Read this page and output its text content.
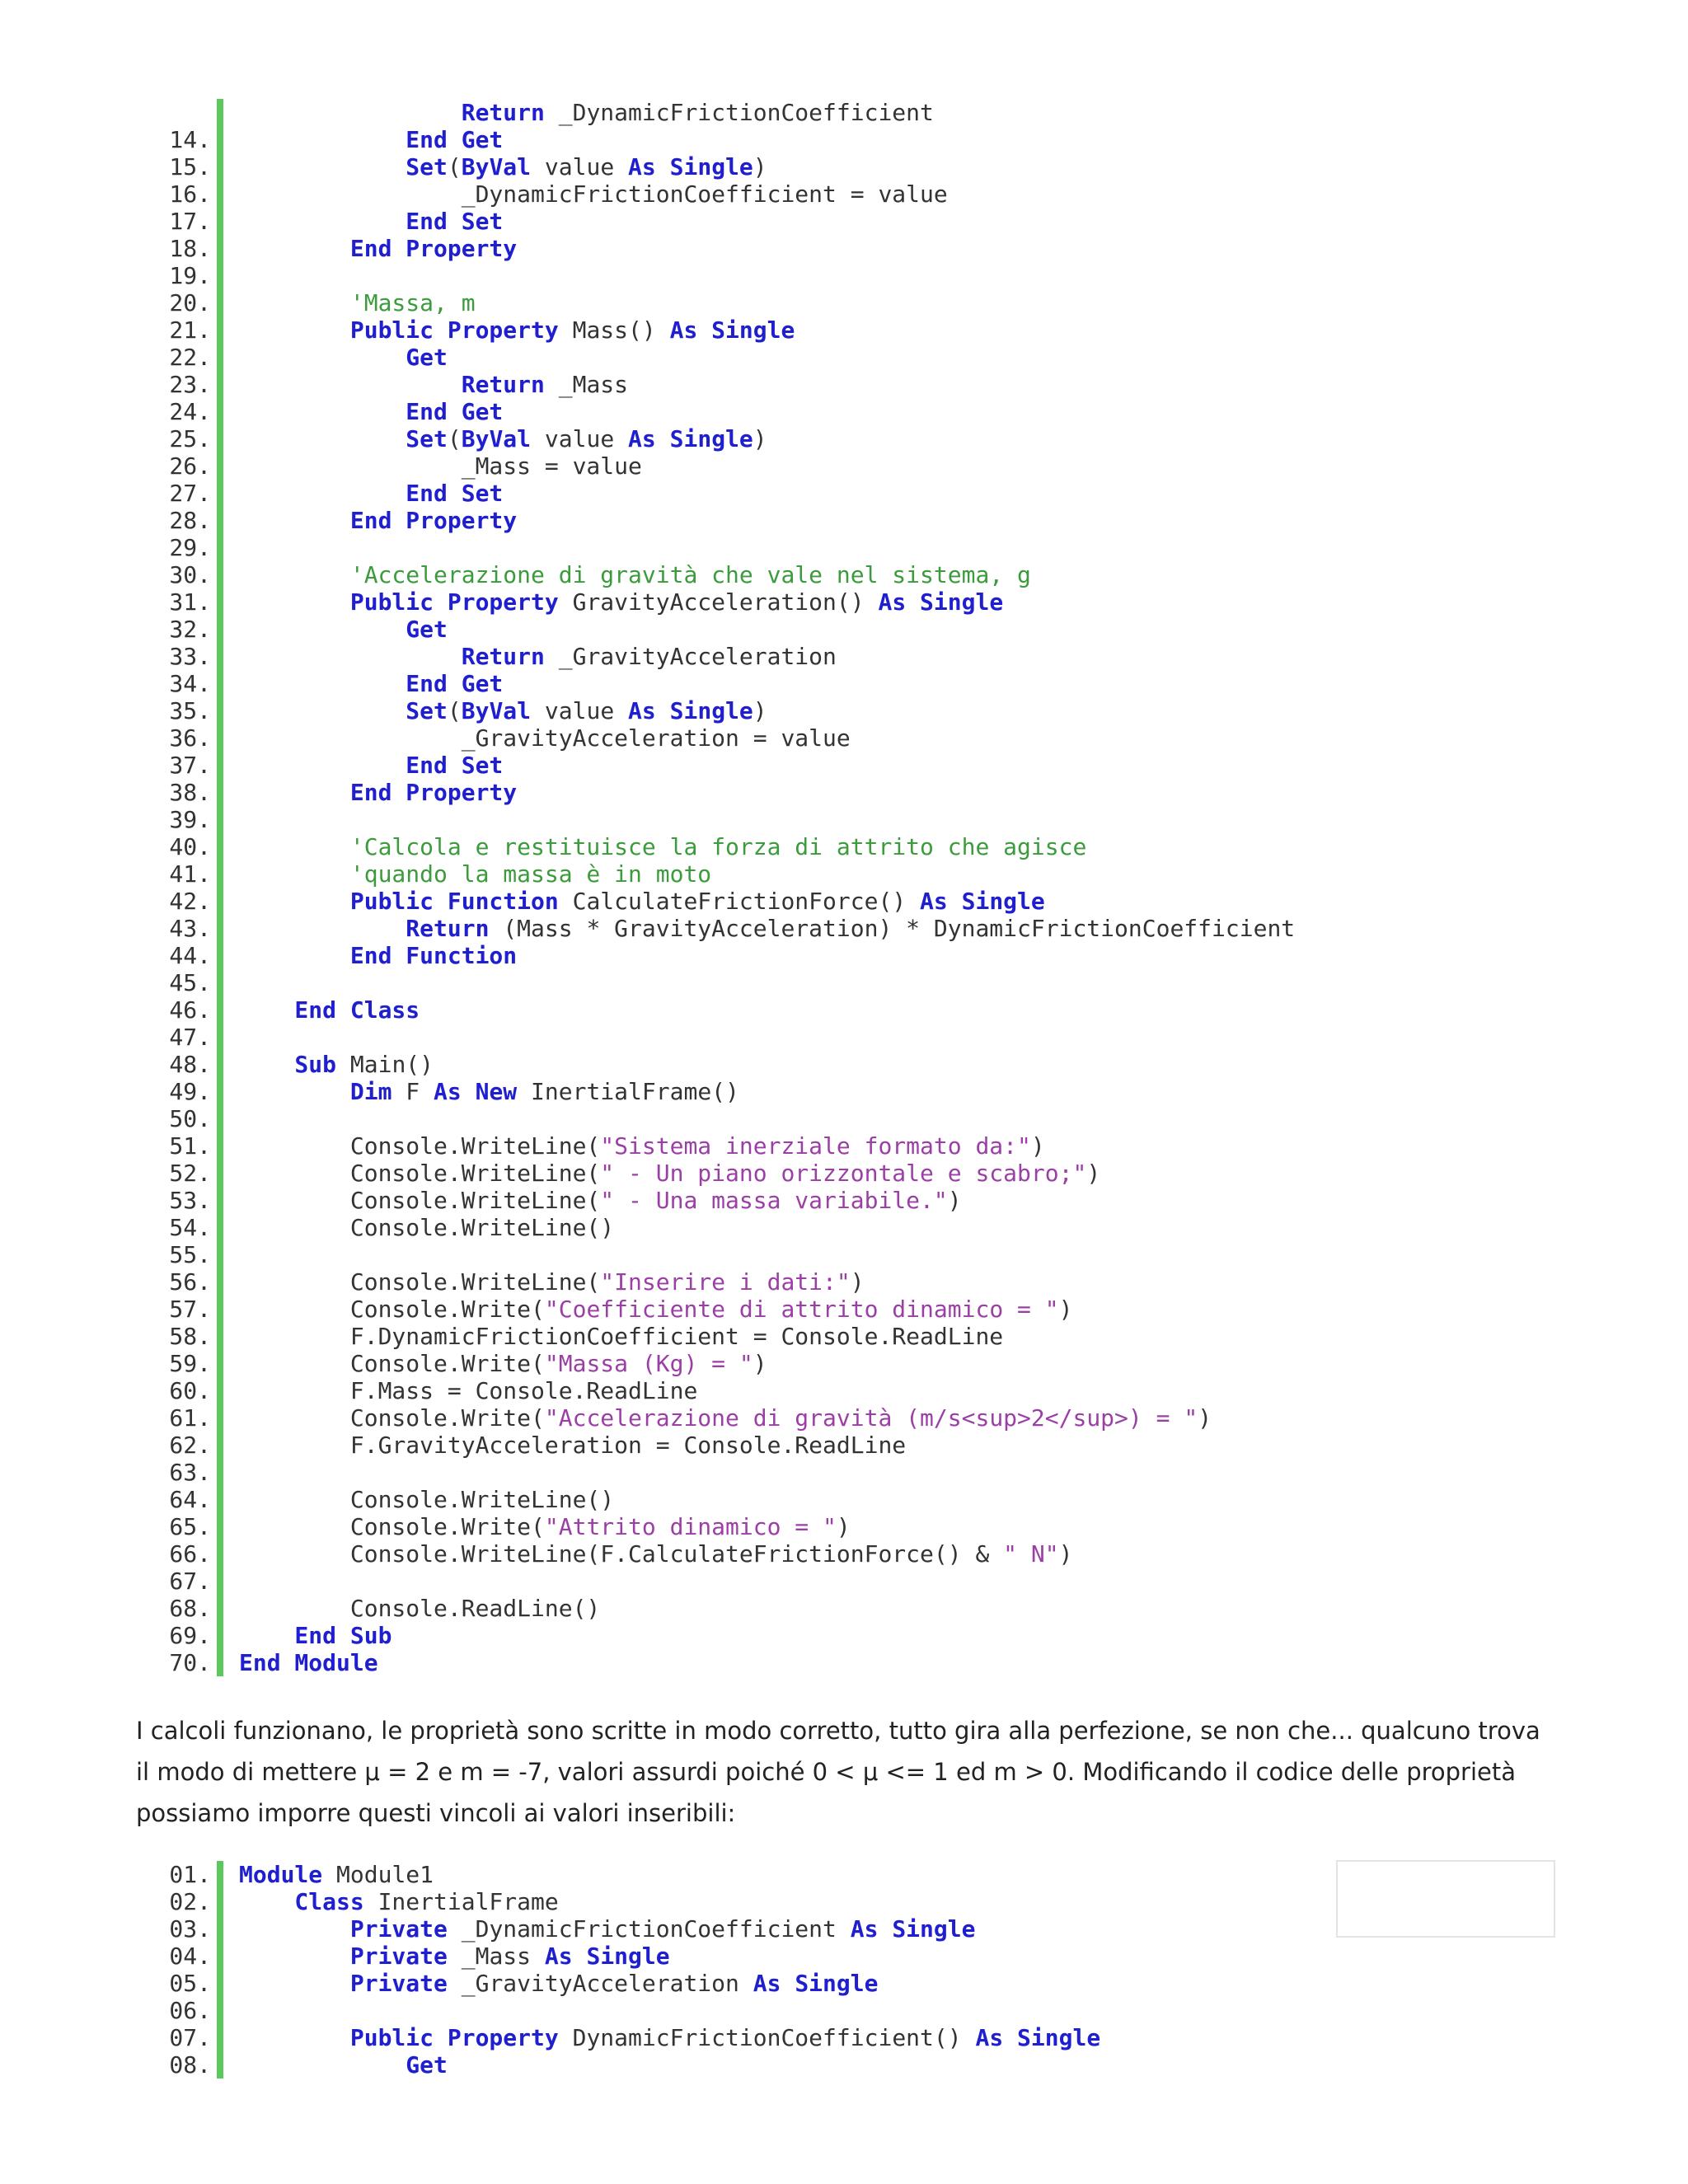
Return _DynamicFrictionCoefficient
14. End Get
15. Set(ByVal value As Single)
16. _DynamicFrictionCoefficient = value
17. End Set
18. End Property
19.
20. 'Massa, m
21. Public Property Mass() As Single
22. Get
23. Return _Mass
24. End Get
25. Set(ByVal value As Single)
26. _Mass = value
27. End Set
28. End Property
29.
30. 'Accelerazione di gravità che vale nel sistema, g
31. Public Property GravityAcceleration() As Single
32. Get
33. Return _GravityAcceleration
34. End Get
35. Set(ByVal value As Single)
36. _GravityAcceleration = value
37. End Set
38. End Property
39.
40. 'Calcola e restituisce la forza di attrito che agisce
41. 'quando la massa è in moto
42. Public Function CalculateFrictionForce() As Single
43. Return (Mass * GravityAcceleration) * DynamicFrictionCoefficient
44. End Function
45.
46. End Class
47.
48. Sub Main()
49. Dim F As New InertialFrame()
50.
51. Console.WriteLine("Sistema inerziale formato da:")
52. Console.WriteLine(" - Un piano orizzontale e scabro;")
53. Console.WriteLine(" - Una massa variabile.")
54. Console.WriteLine()
55.
56. Console.WriteLine("Inserire i dati:")
57. Console.Write("Coefficiente di attrito dinamico = ")
58. F.DynamicFrictionCoefficient = Console.ReadLine
59. Console.Write("Massa (Kg) = ")
60. F.Mass = Console.ReadLine
61. Console.Write("Accelerazione di gravità (m/s<sup>2</sup>) = ")
62. F.GravityAcceleration = Console.ReadLine
63.
64. Console.WriteLine()
65. Console.Write("Attrito dinamico = ")
66. Console.WriteLine(F.CalculateFrictionForce() & " N")
67.
68. Console.ReadLine()
69. End Sub
70. End Module

I calcoli funzionano, le proprietà sono scritte in modo corretto, tutto gira alla perfezione, se non che... qualcuno trova

il modo di mettere μ = 2 e m = -7, valori assurdi poiché 0 < μ <= 1 ed m > 0. Modificando il codice delle proprietà

possiamo imporre questi vincoli ai valori inseribili:

01. Module Module1
02. Class InertialFrame
03. Private _DynamicFrictionCoefficient As Single
04. Private _Mass As Single
05. Private _GravityAcceleration As Single
06.
07. Public Property DynamicFrictionCoefficient() As Single
08. Get
